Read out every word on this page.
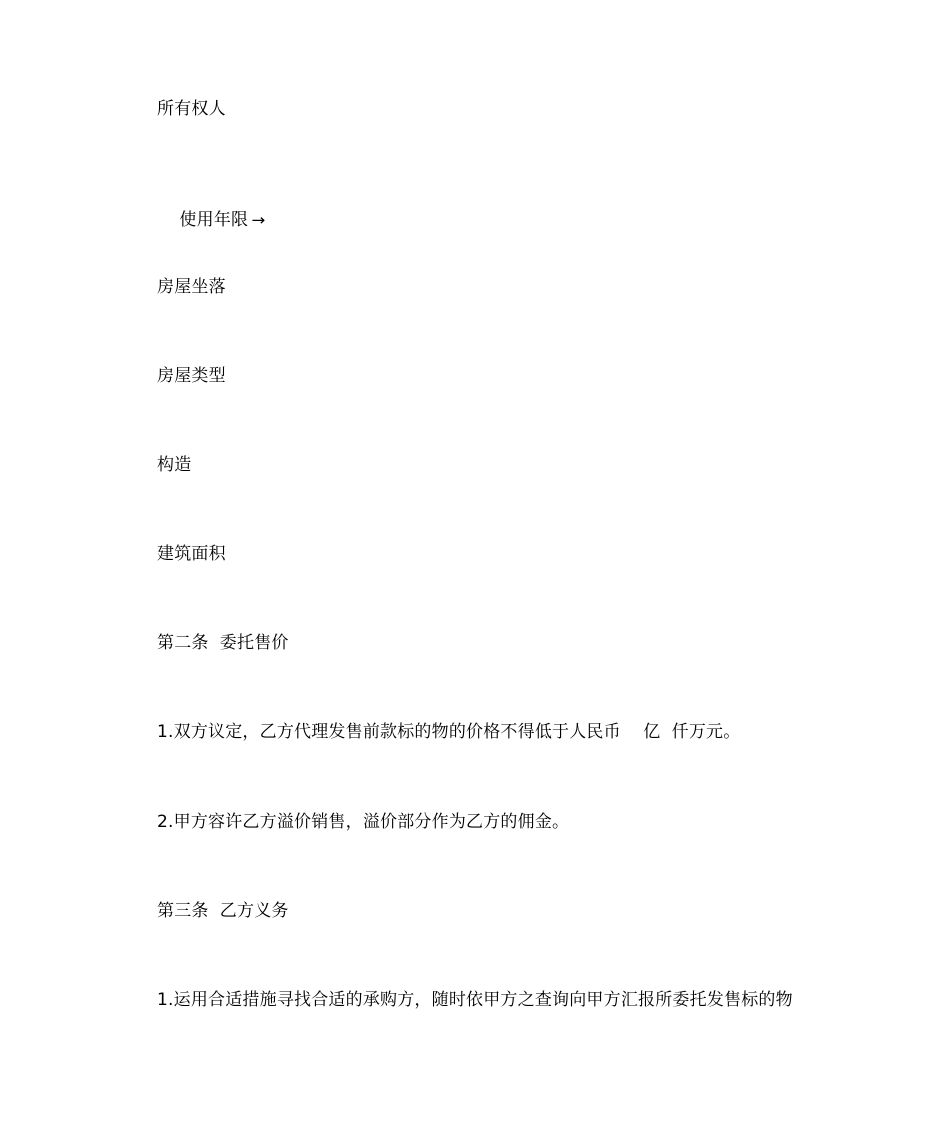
所有权人

使用年限 →

房屋坐落
房屋类型
构造
建筑面积
第二条  委托售价
1.双方议定，乙方代理发售前款标的物的价格不得低于人民币    亿  仟万元。
2.甲方容许乙方溢价销售，溢价部分作为乙方的佣金。
第三条  乙方义务
1.运用合适措施寻找合适的承购方，随时依甲方之查询向甲方汇报所委托发售标的物
